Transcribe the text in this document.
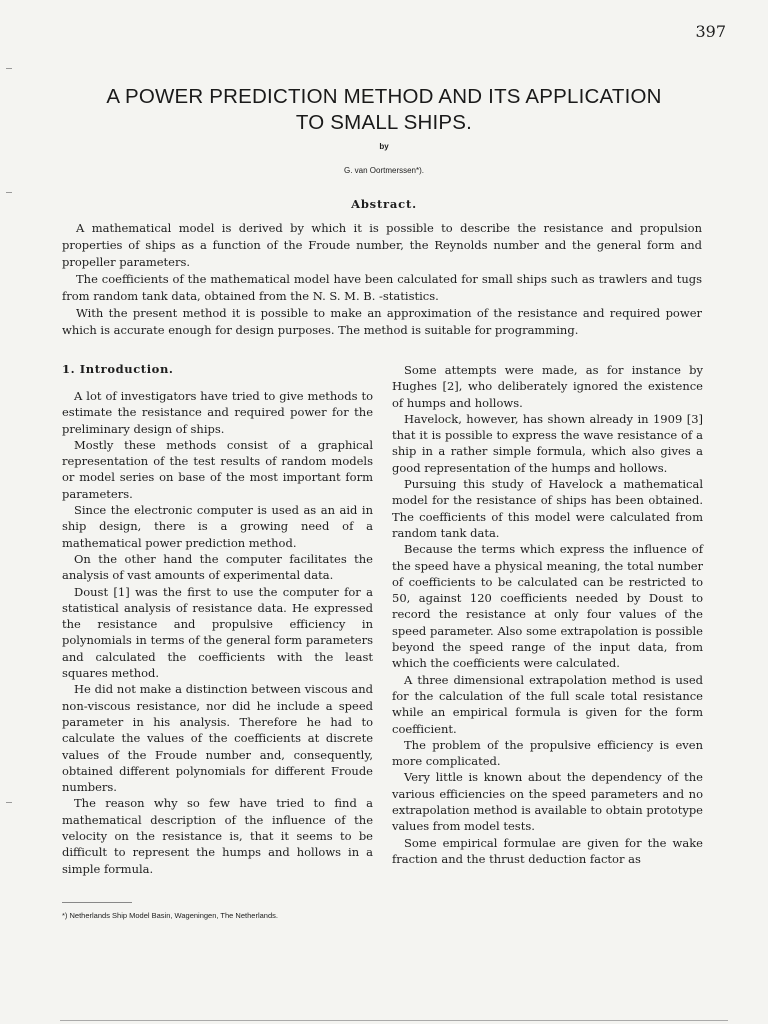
397
A POWER PREDICTION METHOD AND ITS APPLICATION
TO SMALL SHIPS.
by
G. van Oortmerssen*).
Abstract.

A mathematical model is derived by which it is possible to describe the resistance and propulsion properties of ships as a function of the Froude number, the Reynolds number and the general form and propeller parameters.

The coefficients of the mathematical model have been calculated for small ships such as trawlers and tugs from random tank data, obtained from the N. S. M. B. -statistics.

With the present method it is possible to make an approximation of the resistance and required power which is accurate enough for design purposes. The method is suitable for programming.

1. Introduction.

A lot of investigators have tried to give methods to estimate the resistance and required power for the preliminary design of ships.

Mostly these methods consist of a graphical representation of the test results of random models or model series on base of the most important form parameters.

Since the electronic computer is used as an aid in ship design, there is a growing need of a mathematical power prediction method.

On the other hand the computer facilitates the analysis of vast amounts of experimental data.

Doust [1] was the first to use the computer for a statistical analysis of resistance data. He expressed the resistance and propulsive efficiency in polynomials in terms of the general form parameters and calculated the coefficients with the least squares method.

He did not make a distinction between viscous and non-viscous resistance, nor did he include a speed parameter in his analysis. Therefore he had to calculate the values of the coefficients at discrete values of the Froude number and, consequently, obtained different polynomials for different Froude numbers.

The reason why so few have tried to find a mathematical description of the influence of the velocity on the resistance is, that it seems to be difficult to represent the humps and hollows in a simple formula.

Some attempts were made, as for instance by Hughes [2], who deliberately ignored the existence of humps and hollows.

Havelock, however, has shown already in 1909 [3] that it is possible to express the wave resistance of a ship in a rather simple formula, which also gives a good representation of the humps and hollows.

Pursuing this study of Havelock a mathematical model for the resistance of ships has been obtained. The coefficients of this model were calculated from random tank data.

Because the terms which express the influence of the speed have a physical meaning, the total number of coefficients to be calculated can be restricted to 50, against 120 coefficients needed by Doust to record the resistance at only four values of the speed parameter. Also some extrapolation is possible beyond the speed range of the input data, from which the coefficients were calculated.

A three dimensional extrapolation method is used for the calculation of the full scale total resistance while an empirical formula is given for the form coefficient.

The problem of the propulsive efficiency is even more complicated.

Very little is known about the dependency of the various efficiencies on the speed parameters and no extrapolation method is available to obtain prototype values from model tests.

Some empirical formulae are given for the wake fraction and the thrust deduction factor as

*) Netherlands Ship Model Basin, Wageningen, The Netherlands.
